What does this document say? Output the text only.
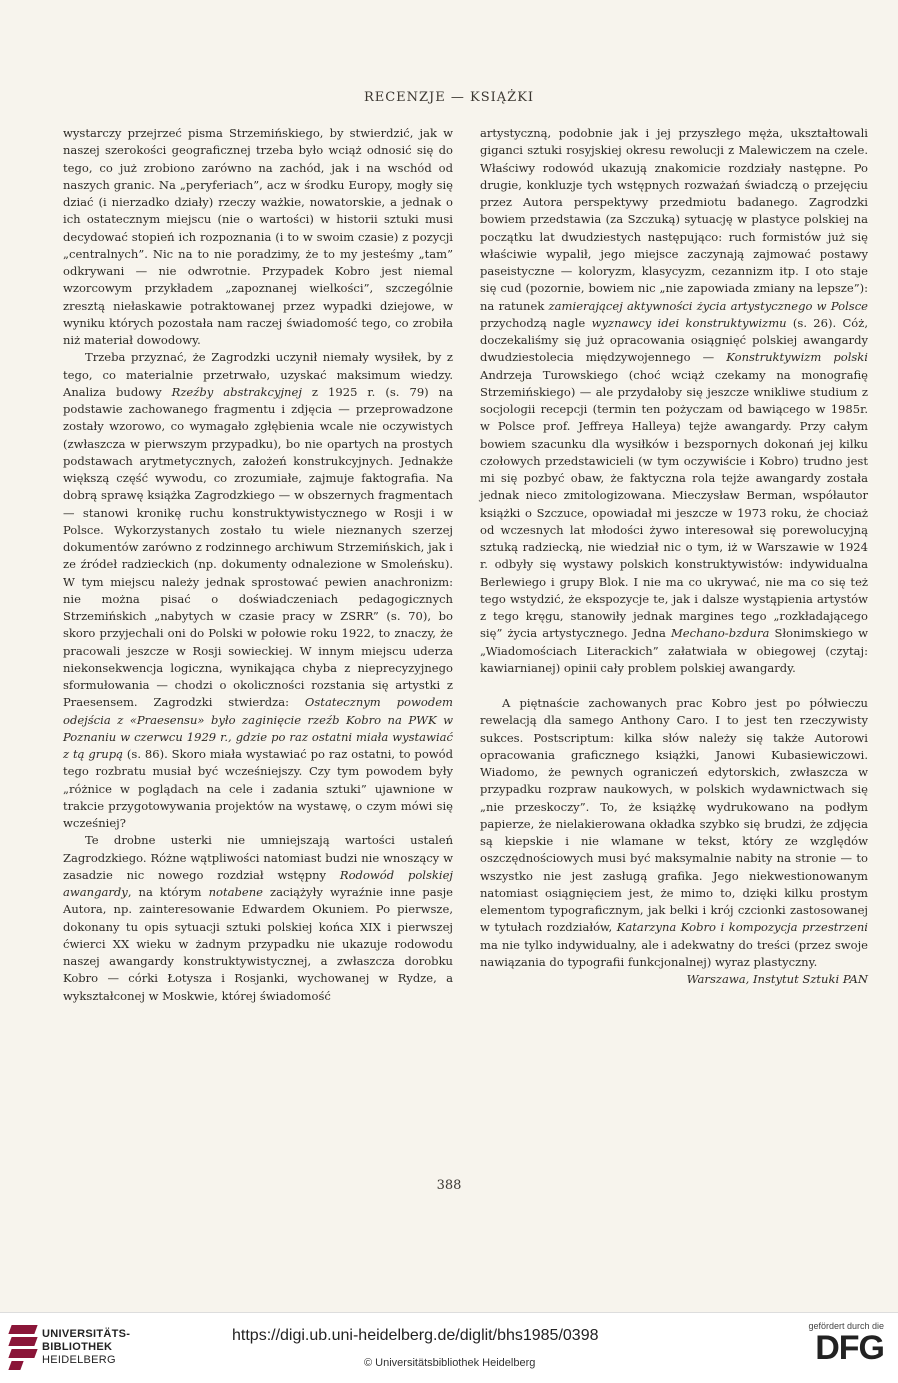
RECENZJE — KSIĄŻKI

wystarczy przejrzeć pisma Strzemińskiego, by stwierdzić, jak w naszej szerokości geograficznej trzeba było wciąż odnosić się do tego, co już zrobiono zarówno na zachód, jak i na wschód od naszych granic. Na „peryferiach”, acz w środku Europy, mogły się dziać (i nierzadko działy) rzeczy ważkie, nowatorskie, a jednak o ich ostatecznym miejscu (nie o wartości) w historii sztuki musi decydować stopień ich rozpoznania (i to w swoim czasie) z pozycji „centralnych”. Nic na to nie poradzimy, że to my jesteśmy „tam” odkrywani — nie odwrotnie. Przypadek Kobro jest niemal wzorcowym przykładem „zapoznanej wielkości”, szczególnie zresztą niełaskawie potraktowanej przez wypadki dziejowe, w wyniku których pozostała nam raczej świadomość tego, co zrobiła niż materiał dowodowy.

Trzeba przyznać, że Zagrodzki uczynił niemały wysiłek, by z tego, co materialnie przetrwało, uzyskać maksimum wiedzy. Analiza budowy Rzeźby abstrakcyjnej z 1925 r. (s. 79) na podstawie zachowanego fragmentu i zdjęcia — przeprowadzone zostały wzorowo, co wymagało zgłębienia wcale nie oczywistych (zwłaszcza w pierwszym przypadku), bo nie opartych na prostych podstawach arytmetycznych, założeń konstrukcyjnych. Jednakże większą część wywodu, co zrozumiałe, zajmuje faktografia. Na dobrą sprawę książka Zagrodzkiego — w obszernych fragmentach — stanowi kronikę ruchu konstruktywistycznego w Rosji i w Polsce. Wykorzystanych zostało tu wiele nieznanych szerzej dokumentów zarówno z rodzinnego archiwum Strzemińskich, jak i ze źródeł radzieckich (np. dokumenty odnalezione w Smoleńsku). W tym miejscu należy jednak sprostować pewien anachronizm: nie można pisać o doświadczeniach pedagogicznych Strzemińskich „nabytych w czasie pracy w ZSRR” (s. 70), bo skoro przyjechali oni do Polski w połowie roku 1922, to znaczy, że pracowali jeszcze w Rosji sowieckiej. W innym miejscu uderza niekonsekwencja logiczna, wynikająca chyba z nieprecyzyjnego sformułowania — chodzi o okoliczności rozstania się artystki z Praesensem. Zagrodzki stwierdza: Ostatecznym powodem odejścia z «Praesensu» było zaginięcie rzeźb Kobro na PWK w Poznaniu w czerwcu 1929 r., gdzie po raz ostatni miała wystawiać z tą grupą (s. 86). Skoro miała wystawiać po raz ostatni, to powód tego rozbratu musiał być wcześniejszy. Czy tym powodem były „różnice w poglądach na cele i zadania sztuki” ujawnione w trakcie przygotowywania projektów na wystawę, o czym mówi się wcześniej?

Te drobne usterki nie umniejszają wartości ustaleń Zagrodzkiego. Różne wątpliwości natomiast budzi nie wnoszący w zasadzie nic nowego rozdział wstępny Rodowód polskiej awangardy, na którym notabene zaciążyły wyraźnie inne pasje Autora, np. zainteresowanie Edwardem Okuniem. Po pierwsze, dokonany tu opis sytuacji sztuki polskiej końca XIX i pierwszej ćwierci XX wieku w żadnym przypadku nie ukazuje rodowodu naszej awangardy konstruktywistycznej, a zwłaszcza dorobku Kobro — córki Łotysza i Rosjanki, wychowanej w Rydze, a wykształconej w Moskwie, której świadomość

artystyczną, podobnie jak i jej przyszłego męża, ukształtowali giganci sztuki rosyjskiej okresu rewolucji z Malewiczem na czele. Właściwy rodowód ukazują znakomicie rozdziały następne. Po drugie, konkluzje tych wstępnych rozważań świadczą o przejęciu przez Autora perspektywy przedmiotu badanego. Zagrodzki bowiem przedstawia (za Szczuką) sytuację w plastyce polskiej na początku lat dwudziestych następująco: ruch formistów już się właściwie wypalił, jego miejsce zaczynają zajmować postawy paseistyczne — koloryzm, klasycyzm, cezannizm itp. I oto staje się cud (pozornie, bowiem nic „nie zapowiada zmiany na lepsze”): na ratunek zamierającej aktywności życia artystycznego w Polsce przychodzą nagle wyznawcy idei konstruktywizmu (s. 26). Cóż, doczekaliśmy się już opracowania osiągnięć polskiej awangardy dwudziestolecia międzywojennego — Konstruktywizm polski Andrzeja Turowskiego (choć wciąż czekamy na monografię Strzemińskiego) — ale przydałoby się jeszcze wnikliwe studium z socjologii recepcji (termin ten pożyczam od bawiącego w 1985r. w Polsce prof. Jeffreya Halleya) tejże awangardy. Przy całym bowiem szacunku dla wysiłków i bezspornych dokonań jej kilku czołowych przedstawicieli (w tym oczywiście i Kobro) trudno jest mi się pozbyć obaw, że faktyczna rola tejże awangardy została jednak nieco zmitologizowana. Mieczysław Berman, współautor książki o Szczuce, opowiadał mi jeszcze w 1973 roku, że chociaż od wczesnych lat młodości żywo interesował się porewolucyjną sztuką radziecką, nie wiedział nic o tym, iż w Warszawie w 1924 r. odbyły się wystawy polskich konstruktywistów: indywidualna Berlewiego i grupy Blok. I nie ma co ukrywać, nie ma co się też tego wstydzić, że ekspozycje te, jak i dalsze wystąpienia artystów z tego kręgu, stanowiły jednak margines tego „rozkładającego się” życia artystycznego. Jedna Mechano-bzdura Słonimskiego w „Wiadomościach Literackich” załatwiała w obiegowej (czytaj: kawiarnianej) opinii cały problem polskiej awangardy.

A piętnaście zachowanych prac Kobro jest po półwieczu rewelacją dla samego Anthony Caro. I to jest ten rzeczywisty sukces. Postscriptum: kilka słów należy się także Autorowi opracowania graficznego książki, Janowi Kubasiewiczowi. Wiadomo, że pewnych ograniczeń edytorskich, zwłaszcza w przypadku rozpraw naukowych, w polskich wydawnictwach się „nie przeskoczy”. To, że książkę wydrukowano na podłym papierze, że nielakierowana okładka szybko się brudzi, że zdjęcia są kiepskie i nie wlamane w tekst, który ze względów oszczędnościowych musi być maksymalnie nabity na stronie — to wszystko nie jest zasługą grafika. Jego niekwestionowanym natomiast osiągnięciem jest, że mimo to, dzięki kilku prostym elementom typograficznym, jak belki i krój czcionki zastosowanej w tytułach rozdziałów, Katarzyna Kobro i kompozycja przestrzeni ma nie tylko indywidualny, ale i adekwatny do treści (przez swoje nawiązania do typografii funkcjonalnej) wyraz plastyczny.

Warszawa, Instytut Sztuki PAN

388
UNIVERSITÄTS-
BIBLIOTHEK
HEIDELBERG
https://digi.ub.uni-heidelberg.de/diglit/bhs1985/0398
© Universitätsbibliothek Heidelberg
gefördert durch die
DFG
